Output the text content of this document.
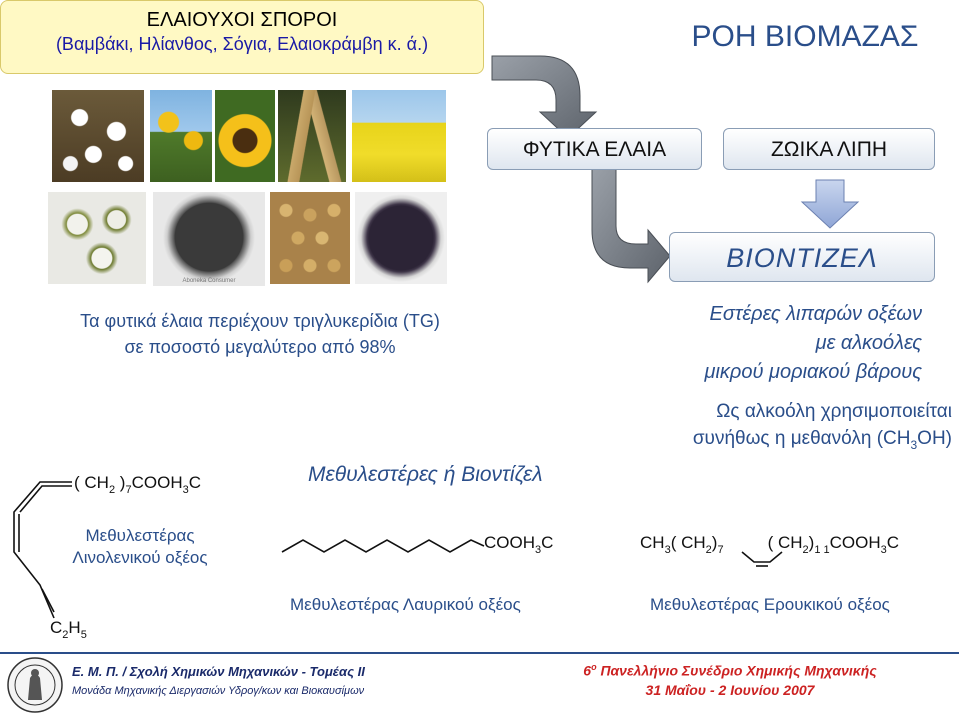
ΕΛΑΙΟΥΧΟΙ ΣΠΟΡΟΙ
(Βαμβάκι, Ηλίανθος, Σόγια, Ελαιοκράμβη κ. ά.)	ΡΟΗ ΒΙΟΜΑΖΑΣ
ΦΥΤΙΚΑ ΕΛΑΙΑ	ΖΩΙΚΑ ΛΙΠΗ
ΒΙΟΝΤΙΖΕΛ
Aboneka Consumer
Τα φυτικά έλαια περιέχουν τριγλυκερίδια (TG)
σε ποσοστό μεγαλύτερο από 98%
Εστέρες λιπαρών οξέων
με αλκοόλες
μικρού μοριακού βάρους
Ως αλκοόλη χρησιμοποιείται
συνήθως η μεθανόλη $(CH_3OH)$
Μεθυλεστέρες ή Βιοντίζελ
( $CH_2$ )$_7COOH_3C$
Μεθυλεστέρας
Λινολενικού οξέος
$C_2H_5$
$COOH_3C$
Μεθυλεστέρας Λαυρικού οξέος
$CH_3$( $CH_2)_7$	( $CH_2)_{1 1}COOH_3C$
Μεθυλεστέρας Ερουκικού οξέος
Ε. Μ. Π. / Σχολή Χημικών Μηχανικών - Τομέας ΙΙ
Μονάδα Μηχανικής Διεργασιών Υδρογ/κων και Βιοκαυσίμων
$6^o$ Πανελλήνιο Συνέδριο Χημικής Μηχανικής
31 Μαΐου - 2 Ιουνίου 2007
